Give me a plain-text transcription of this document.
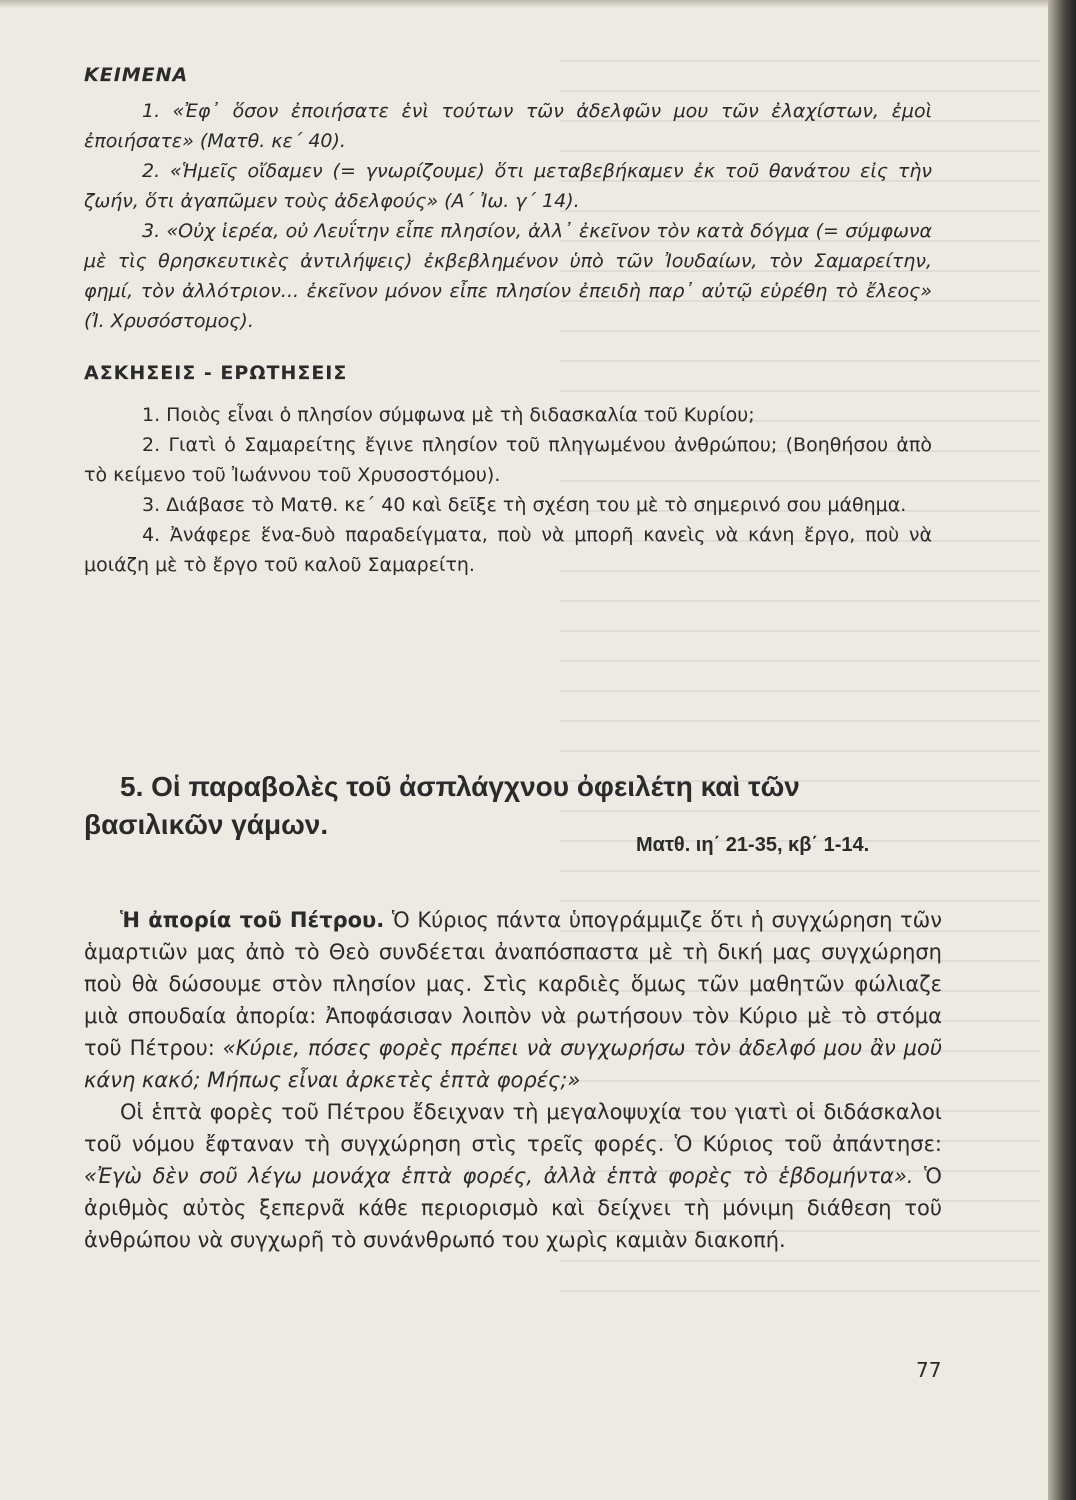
ΚΕΙΜΕΝΑ

1. «Ἐφ᾽ ὅσον ἐποιήσατε ἑνὶ τούτων τῶν ἀδελφῶν μου τῶν ἐλαχίστων, ἐμοὶ ἐποιήσατε» (Ματθ. κε΄ 40).

2. «Ἡμεῖς οἴδαμεν (= γνωρίζουμε) ὅτι μεταβεβήκαμεν ἐκ τοῦ θανάτου εἰς τὴν ζωήν, ὅτι ἀγαπῶμεν τοὺς ἀδελφούς» (Α΄ Ἰω. γ΄ 14).

3. «Οὐχ ἱερέα, οὐ Λευΐτην εἶπε πλησίον, ἀλλ᾽ ἐκεῖνον τὸν κατὰ δόγμα (= σύμφωνα μὲ τὶς θρησκευτικὲς ἀντιλήψεις) ἐκβεβλημένον ὑπὸ τῶν Ἰουδαίων, τὸν Σαμαρείτην, φημί, τὸν ἀλλότριον... ἐκεῖνον μόνον εἶπε πλησίον ἐπειδὴ παρ᾽ αὐτῷ εὑρέθη τὸ ἔλεος» (Ἰ. Χρυσόστομος).

ΑΣΚΗΣΕΙΣ - ΕΡΩΤΗΣΕΙΣ

1. Ποιὸς εἶναι ὁ πλησίον σύμφωνα μὲ τὴ διδασκαλία τοῦ Κυρίου;

2. Γιατὶ ὁ Σαμαρείτης ἔγινε πλησίον τοῦ πληγωμένου ἀνθρώπου; (Βοηθήσου ἀπὸ τὸ κείμενο τοῦ Ἰωάννου τοῦ Χρυσοστόμου).

3. Διάβασε τὸ Ματθ. κε΄ 40 καὶ δεῖξε τὴ σχέση του μὲ τὸ σημερινό σου μάθημα.

4. Ἀνάφερε ἕνα-δυὸ παραδείγματα, ποὺ νὰ μπορῆ κανεὶς νὰ κάνη ἔργο, ποὺ νὰ μοιάζη μὲ τὸ ἔργο τοῦ καλοῦ Σαμαρείτη.

5. Οἱ παραβολὲς τοῦ ἀσπλάγχνου ὀφειλέτη καὶ τῶν
βασιλικῶν γάμων.
Ματθ. ιη΄ 21-35, κβ΄ 1-14.

Ἡ ἀπορία τοῦ Πέτρου. Ὁ Κύριος πάντα ὑπογράμμιζε ὅτι ἡ συγχώρηση τῶν ἁμαρτιῶν μας ἀπὸ τὸ Θεὸ συνδέεται ἀναπόσπαστα μὲ τὴ δική μας συγχώρηση ποὺ θὰ δώσουμε στὸν πλησίον μας. Στὶς καρδιὲς ὅμως τῶν μαθητῶν φώλιαζε μιὰ σπουδαία ἀπορία: Ἀποφάσισαν λοιπὸν νὰ ρωτήσουν τὸν Κύριο μὲ τὸ στόμα τοῦ Πέτρου: «Κύριε, πόσες φορὲς πρέπει νὰ συγχωρήσω τὸν ἀδελφό μου ἂν μοῦ κάνη κακό; Μήπως εἶναι ἀρκετὲς ἑπτὰ φορές;»

Οἱ ἑπτὰ φορὲς τοῦ Πέτρου ἔδειχναν τὴ μεγαλοψυχία του γιατὶ οἱ διδάσκαλοι τοῦ νόμου ἔφταναν τὴ συγχώρηση στὶς τρεῖς φορές. Ὁ Κύριος τοῦ ἀπάντησε: «Ἐγὼ δὲν σοῦ λέγω μονάχα ἑπτὰ φορές, ἀλλὰ ἑπτὰ φορὲς τὸ ἑβδομήντα». Ὁ ἀριθμὸς αὐτὸς ξεπερνᾶ κάθε περιορισμὸ καὶ δείχνει τὴ μόνιμη διάθεση τοῦ ἀνθρώπου νὰ συγχωρῆ τὸ συνάνθρωπό του χωρὶς καμιὰν διακοπή.

77
